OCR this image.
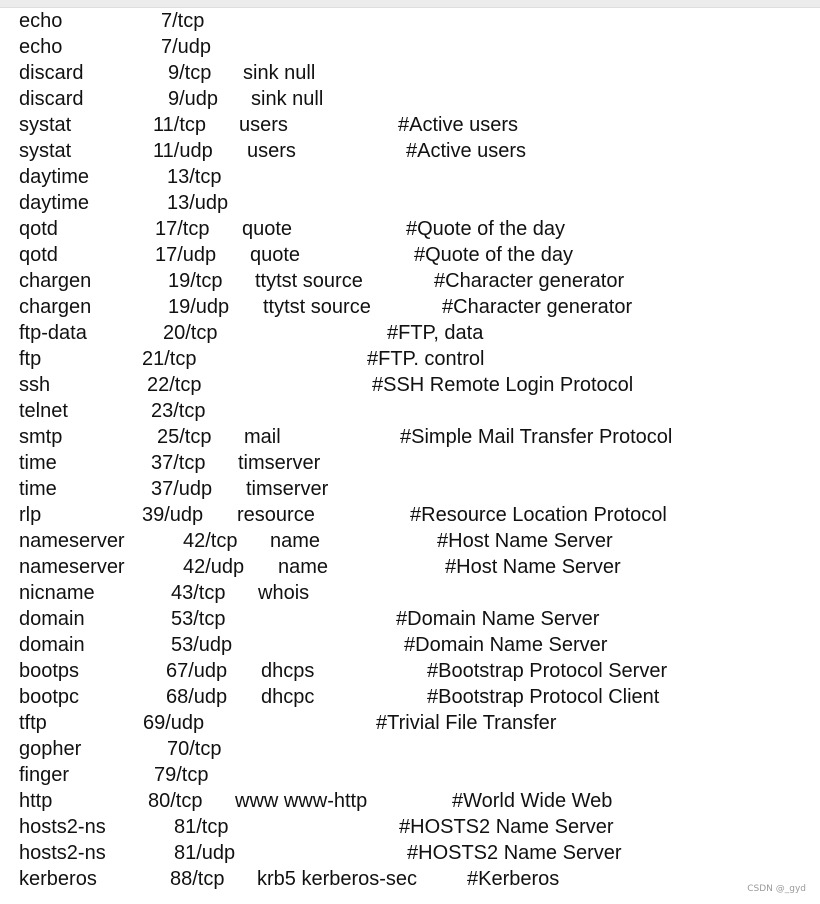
echo	7/tcp
echo	7/udp
discard	9/tcp sink null
discard	9/udp sink null
systat	11/tcp users	#Active users
systat	11/udp users	#Active users
daytime	13/tcp
daytime	13/udp
qotd	17/tcp quote	#Quote of the day
qotd	17/udp quote	#Quote of the day
chargen	19/tcp ttytst source	#Character generator
chargen	19/udp ttytst source	#Character generator
ftp-data	20/tcp	#FTP, data
ftp	21/tcp	#FTP. control
ssh	22/tcp	#SSH Remote Login Protocol
telnet	23/tcp
smtp	25/tcp mail	#Simple Mail Transfer Protocol
time	37/tcp timserver
time	37/udp timserver
rlp	39/udp resource	#Resource Location Protocol
nameserver	42/tcp name	#Host Name Server
nameserver	42/udp name	#Host Name Server
nicname	43/tcp whois
domain	53/tcp	#Domain Name Server
domain	53/udp	#Domain Name Server
bootps	67/udp dhcps	#Bootstrap Protocol Server
bootpc	68/udp dhcpc	#Bootstrap Protocol Client
tftp	69/udp	#Trivial File Transfer
gopher	70/tcp
finger	79/tcp
http	80/tcp www www-http	#World Wide Web
hosts2-ns	81/tcp	#HOSTS2 Name Server
hosts2-ns	81/udp	#HOSTS2 Name Server
kerberos	88/tcp krb5 kerberos-sec #Kerberos	CSDN @_gyd
